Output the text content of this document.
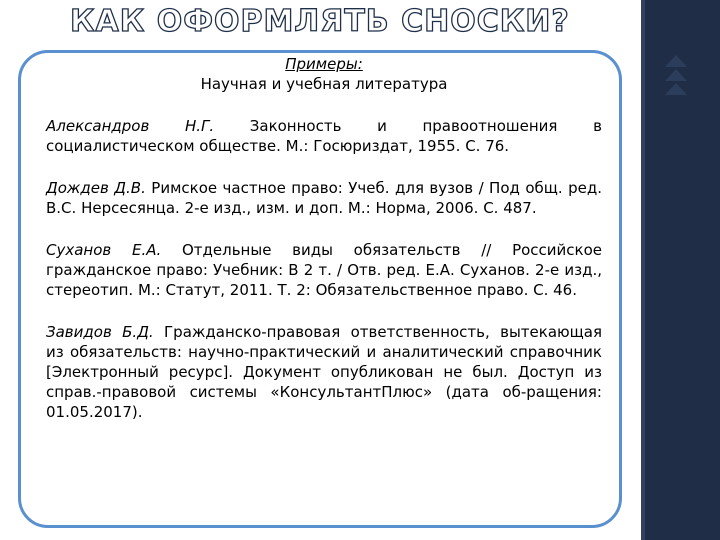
КАК ОФОРМЛЯТЬ СНОСКИ?
Примеры:
Научная и учебная литература
Александров Н.Г. Законность и правоотношения в
социалистическом обществе. М.: Госюриздат, 1955. С. 76.

Дождев Д.В. Римское частное право: Учеб. для вузов / Под общ. ред. В.С. Нерсесянца. 2-е изд., изм. и доп. М.: Норма, 2006. С. 487.

Суханов Е.А. Отдельные виды обязательств // Российское гражданское право: Учебник: В 2 т. / Отв. ред. Е.А. Суханов. 2-е изд., стереотип. М.: Статут, 2011. Т. 2: Обязательственное право. С. 46.

Завидов Б.Д. Гражданско-правовая ответственность, вытекающая из обязательств: научно-практический и аналитический справочник [Электронный ресурс]. Документ опубликован не был. Доступ из справ.-правовой системы «КонсультантПлюс» (дата об-ращения: 01.05.2017).
